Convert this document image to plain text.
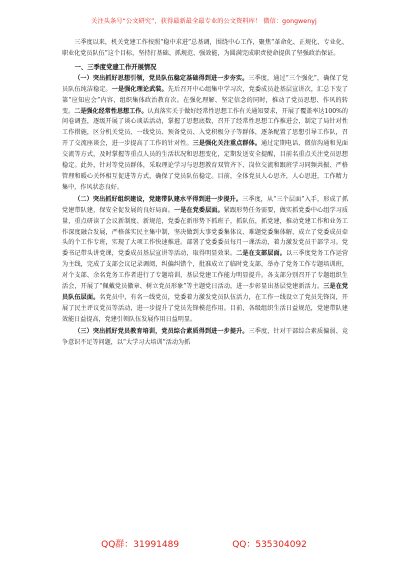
关注头条号“公文研究”，获得最新最全最专业的公文资料库！ 微信：gongwenyj

三季度以来，机关党建工作按照“稳中求进”总基调，围绕中心工作，聚焦“革命化、正规化、专业化、职业化党员队伍”这个目标，坚持打基础、抓规范、强效能，为圆满完成职责使命提供了坚强政治保证。

一、三季度党建工作开展情况

（一）突出抓好思想引领，党员队伍稳定基础得到进一步夯实。三季度，通过“三个强化”，确保了党员队伍纯洁稳定。一是强化理论武装。先后召开中心组集中学习次，党委成员赴基层宣讲次，汇总下发了第“应知应会”内容，组织集体政治教育次。在强化理解、坚定信念的同时，推动了党员思想、作风的转变。二是强化经常性思想工作。认真落实关于做好经常性思想工作有关通知要求，开展了覆盖率达100%的问卷调查，逐级开展了谈心谈话活动，掌握了思想底数，召开了经常性思想工作推进会，制定了局针对性工作措施，区分机关党员、一线党员、预备党员、入党积极分子等群体，逐条配置了思想引导工作队，召开了交流座谈会，进一步提高了工作的针对性。三是强化关注重点群体。通过定期电话、微信沟通和见面交流等方式，及时掌握等重点人员的生活状况和思想变化，定期发送安全提醒，目前名重点关注党员思想稳定。此外，针对等党员群体，采取理论学习与思想教育双管齐下、岗位交流和跟班学习同频共振、严格管理和暖心关怀相互促进等方式，确保了党员队伍稳定。目前，全体党员人心思齐，人心思进，工作精力集中，作风状态良好。

（二）突出抓好组织建设，党建带队建水平得到进一步提升。三季度，从“三个层面”入手，形成了抓党建带队建，保安全促发展的良好局面。一是在党委层面。紧跟形势任务需要，做实抓党委中心组学习质量，重点研读了会议新制度、新规范，党委在新形势下抓班子，抓队伍，抓党建，推动党建工作和业务工作深度融合发展，严格落实民主集中制，坚决做到大事党委集体议、难题党委集体解，成立了党委成员牵头的个工作专班，实现了大项工作快速推进。部署了党委委员每月一课活动，着力激发党员干部学习。党委书记带头讲党课，党委成员基层宣讲等活动，取得明显效果。二是在支部层面。以三季度党务工作运营为主线，完成了支部会议记录调阅，纠偏纠错个，批准成立了临时党支部，举办了党务工作专题培训班，对个支部、余名党务工作者进行了专题培训，基层党建工作能力明显提升。各支部分别召开了专题组织生活会，开展了“佩戴党员徽章、树立党员形象”等主题党日活动，进一步彰显出基层党建新活力。三是在党员队伍层面。名党员中，有名一线党员，党委着力激发党员队伍活力，在工作一线设立了党员先锋岗，开展了民主评议党员等活动，进一步提升了党员先锋模范作用。目前，各级组织生活日益规范，党建带队建效能日益提高，党建引领队伍发展作用日益明显。

（三）突出抓好党员教育培训，党员综合素质得到进一步提升。三季度，针对干部综合素质偏弱、竞争意识不足等问题，以“大学习大培训”活动为抓

QQ群：31991489	QQ：535304092
